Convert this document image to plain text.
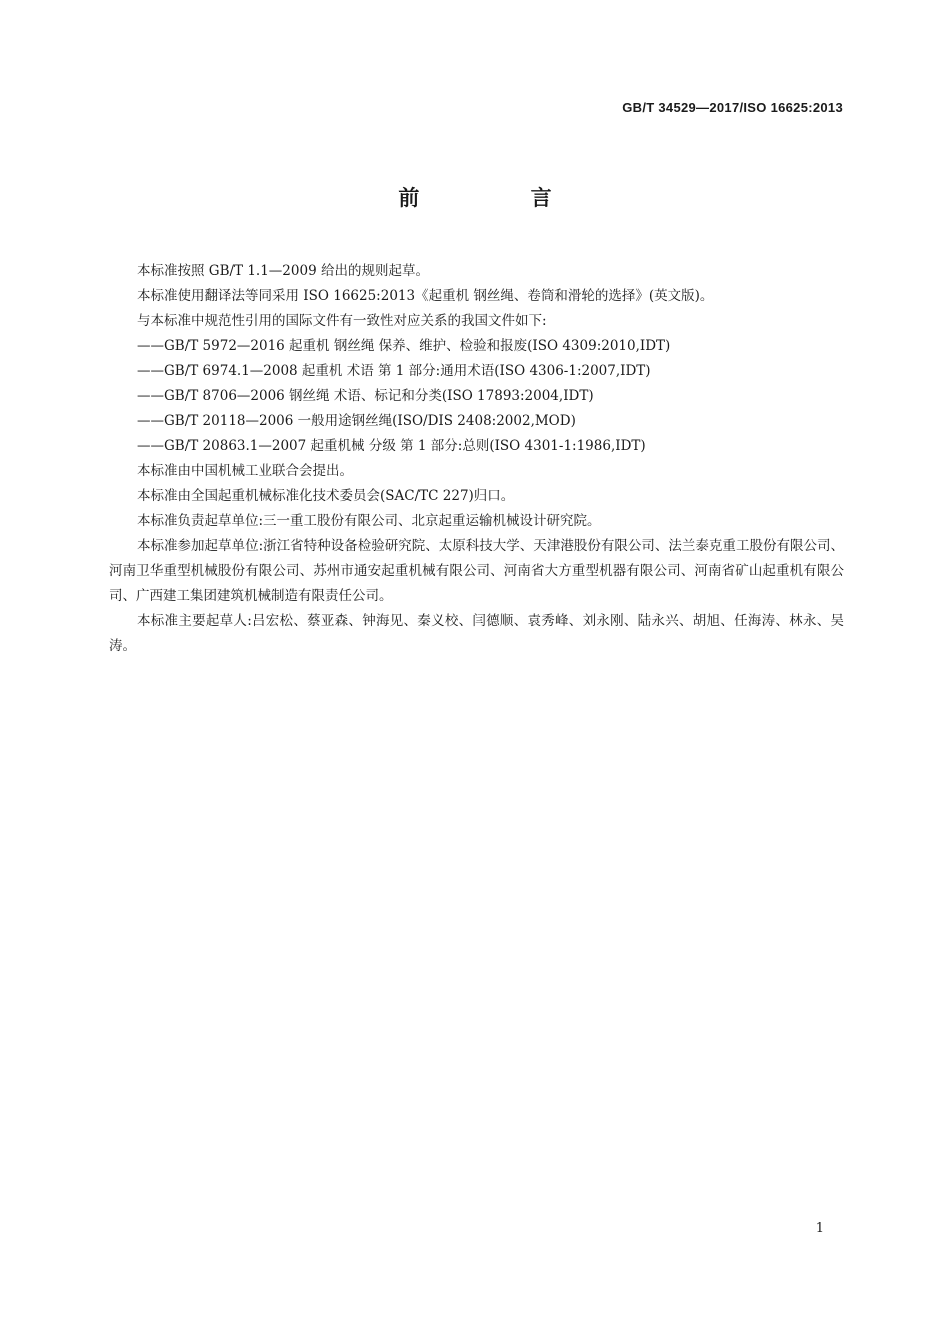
GB/T 34529—2017/ISO 16625:2013
前 言

本标准按照 GB/T 1.1—2009 给出的规则起草。

本标准使用翻译法等同采用 ISO 16625:2013《起重机 钢丝绳、卷筒和滑轮的选择》(英文版)。

与本标准中规范性引用的国际文件有一致性对应关系的我国文件如下:

——GB/T 5972—2016 起重机 钢丝绳 保养、维护、检验和报废(ISO 4309:2010,IDT)

——GB/T 6974.1—2008 起重机 术语 第 1 部分:通用术语(ISO 4306-1:2007,IDT)

——GB/T 8706—2006 钢丝绳 术语、标记和分类(ISO 17893:2004,IDT)

——GB/T 20118—2006 一般用途钢丝绳(ISO/DIS 2408:2002,MOD)

——GB/T 20863.1—2007 起重机械 分级 第 1 部分:总则(ISO 4301-1:1986,IDT)

本标准由中国机械工业联合会提出。

本标准由全国起重机械标准化技术委员会(SAC/TC 227)归口。

本标准负责起草单位:三一重工股份有限公司、北京起重运输机械设计研究院。

本标准参加起草单位:浙江省特种设备检验研究院、太原科技大学、天津港股份有限公司、法兰泰克重工股份有限公司、河南卫华重型机械股份有限公司、苏州市通安起重机械有限公司、河南省大方重型机器有限公司、河南省矿山起重机有限公司、广西建工集团建筑机械制造有限责任公司。

本标准主要起草人:吕宏松、蔡亚森、钟海见、秦义校、闫德顺、袁秀峰、刘永刚、陆永兴、胡旭、任海涛、林永、吴涛。

1
